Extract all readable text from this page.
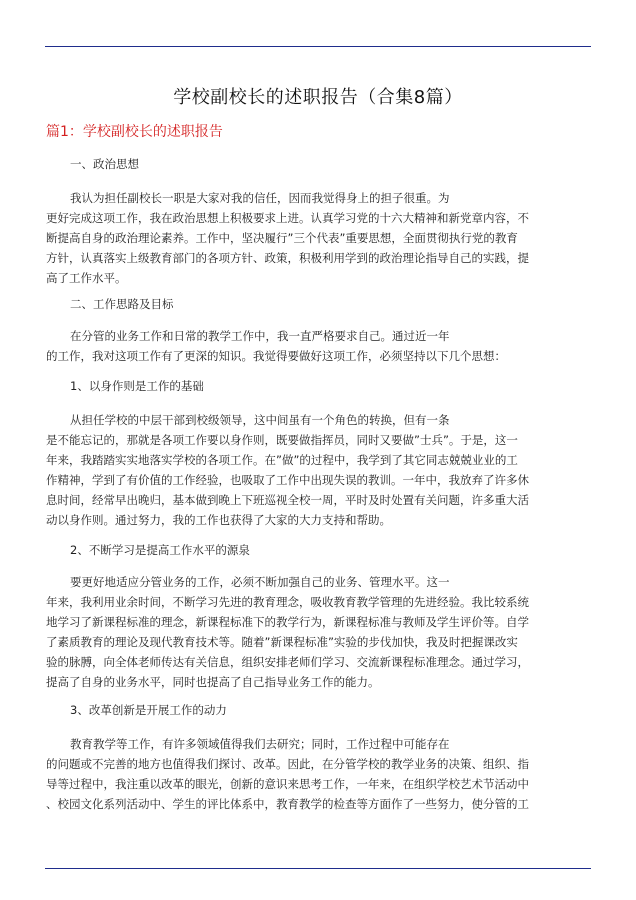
学校副校长的述职报告（合集8篇）
篇1：学校副校长的述职报告
一、政治思想
我认为担任副校长一职是大家对我的信任，因而我觉得身上的担子很重。为
更好完成这项工作，我在政治思想上积极要求上进。认真学习党的十六大精神和新党章内容，不
断提高自身的政治理论素养。工作中，坚决履行”三个代表”重要思想，全面贯彻执行党的教育
方针，认真落实上级教育部门的各项方针、政策，积极利用学到的政治理论指导自己的实践，提
高了工作水平。
二、工作思路及目标
在分管的业务工作和日常的教学工作中，我一直严格要求自己。通过近一年
的工作，我对这项工作有了更深的知识。我觉得要做好这项工作，必须坚持以下几个思想：
1、以身作则是工作的基础
从担任学校的中层干部到校级领导，这中间虽有一个角色的转换，但有一条
是不能忘记的，那就是各项工作要以身作则，既要做指挥员，同时又要做”士兵”。于是，这一
年来，我踏踏实实地落实学校的各项工作。在”做”的过程中，我学到了其它同志兢兢业业的工
作精神，学到了有价值的工作经验，也吸取了工作中出现失误的教训。一年中，我放弃了许多休
息时间，经常早出晚归，基本做到晚上下班巡视全校一周，平时及时处置有关问题，许多重大活
动以身作则。通过努力，我的工作也获得了大家的大力支持和帮助。
2、不断学习是提高工作水平的源泉
要更好地适应分管业务的工作，必须不断加强自己的业务、管理水平。这一
年来，我利用业余时间，不断学习先进的教育理念，吸收教育教学管理的先进经验。我比较系统
地学习了新课程标准的理念，新课程标准下的教学行为，新课程标准与教师及学生评价等。自学
了素质教育的理论及现代教育技术等。随着”新课程标准”实验的步伐加快，我及时把握课改实
验的脉膊，向全体老师传达有关信息，组织安排老师们学习、交流新课程标准理念。通过学习，
提高了自身的业务水平，同时也提高了自己指导业务工作的能力。
3、改革创新是开展工作的动力
教育教学等工作，有许多领域值得我们去研究；同时，工作过程中可能存在
的问题或不完善的地方也值得我们探讨、改革。因此，在分管学校的教学业务的决策、组织、指
导等过程中，我注重以改革的眼光，创新的意识来思考工作，一年来，在组织学校艺术节活动中
、校园文化系列活动中、学生的评比体系中，教育教学的检查等方面作了一些努力，使分管的工
